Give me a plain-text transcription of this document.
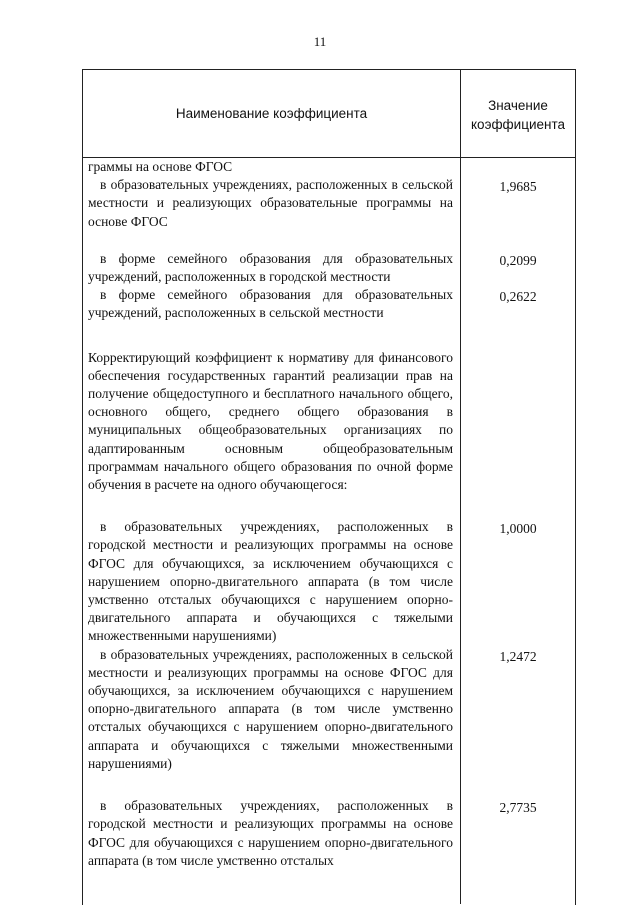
11
Наименование коэффициента
Значение
коэффициента
граммы на основе ФГОС
в образовательных учреждениях, расположенных в сельской местности и реализующих образовательные программы на основе ФГОС
1,9685
в форме семейного образования для образовательных учреждений, расположенных в городской местности
0,2099
в форме семейного образования для образовательных учреждений, расположенных в сельской местности
0,2622
Корректирующий коэффициент к нормативу для финансового обеспечения государственных гарантий реализации прав на получение общедоступного и бесплатного начального общего, основного общего, среднего общего образования в муниципальных общеобразовательных организациях по адаптированным основным общеобразовательным программам начального общего образования по очной форме обучения в расчете на одного обучающегося:
в образовательных учреждениях, расположенных в городской местности и реализующих программы на основе ФГОС для обучающихся, за исключением обучающихся с нарушением опорно-двигательного аппарата (в том числе умственно отсталых обучающихся с нарушением опорно-двигательного аппарата и обучающихся с тяжелыми множественными нарушениями)
1,0000
в образовательных учреждениях, расположенных в сельской местности и реализующих программы на основе ФГОС для обучающихся, за исключением обучающихся с нарушением опорно-двигательного аппарата (в том числе умственно отсталых обучающихся с нарушением опорно-двигательного аппарата и обучающихся с тяжелыми множественными нарушениями)
1,2472
в образовательных учреждениях, расположенных в городской местности и реализующих программы на основе ФГОС для обучающихся с нарушением опорно-двигательного аппарата (в том числе умственно отсталых
2,7735
